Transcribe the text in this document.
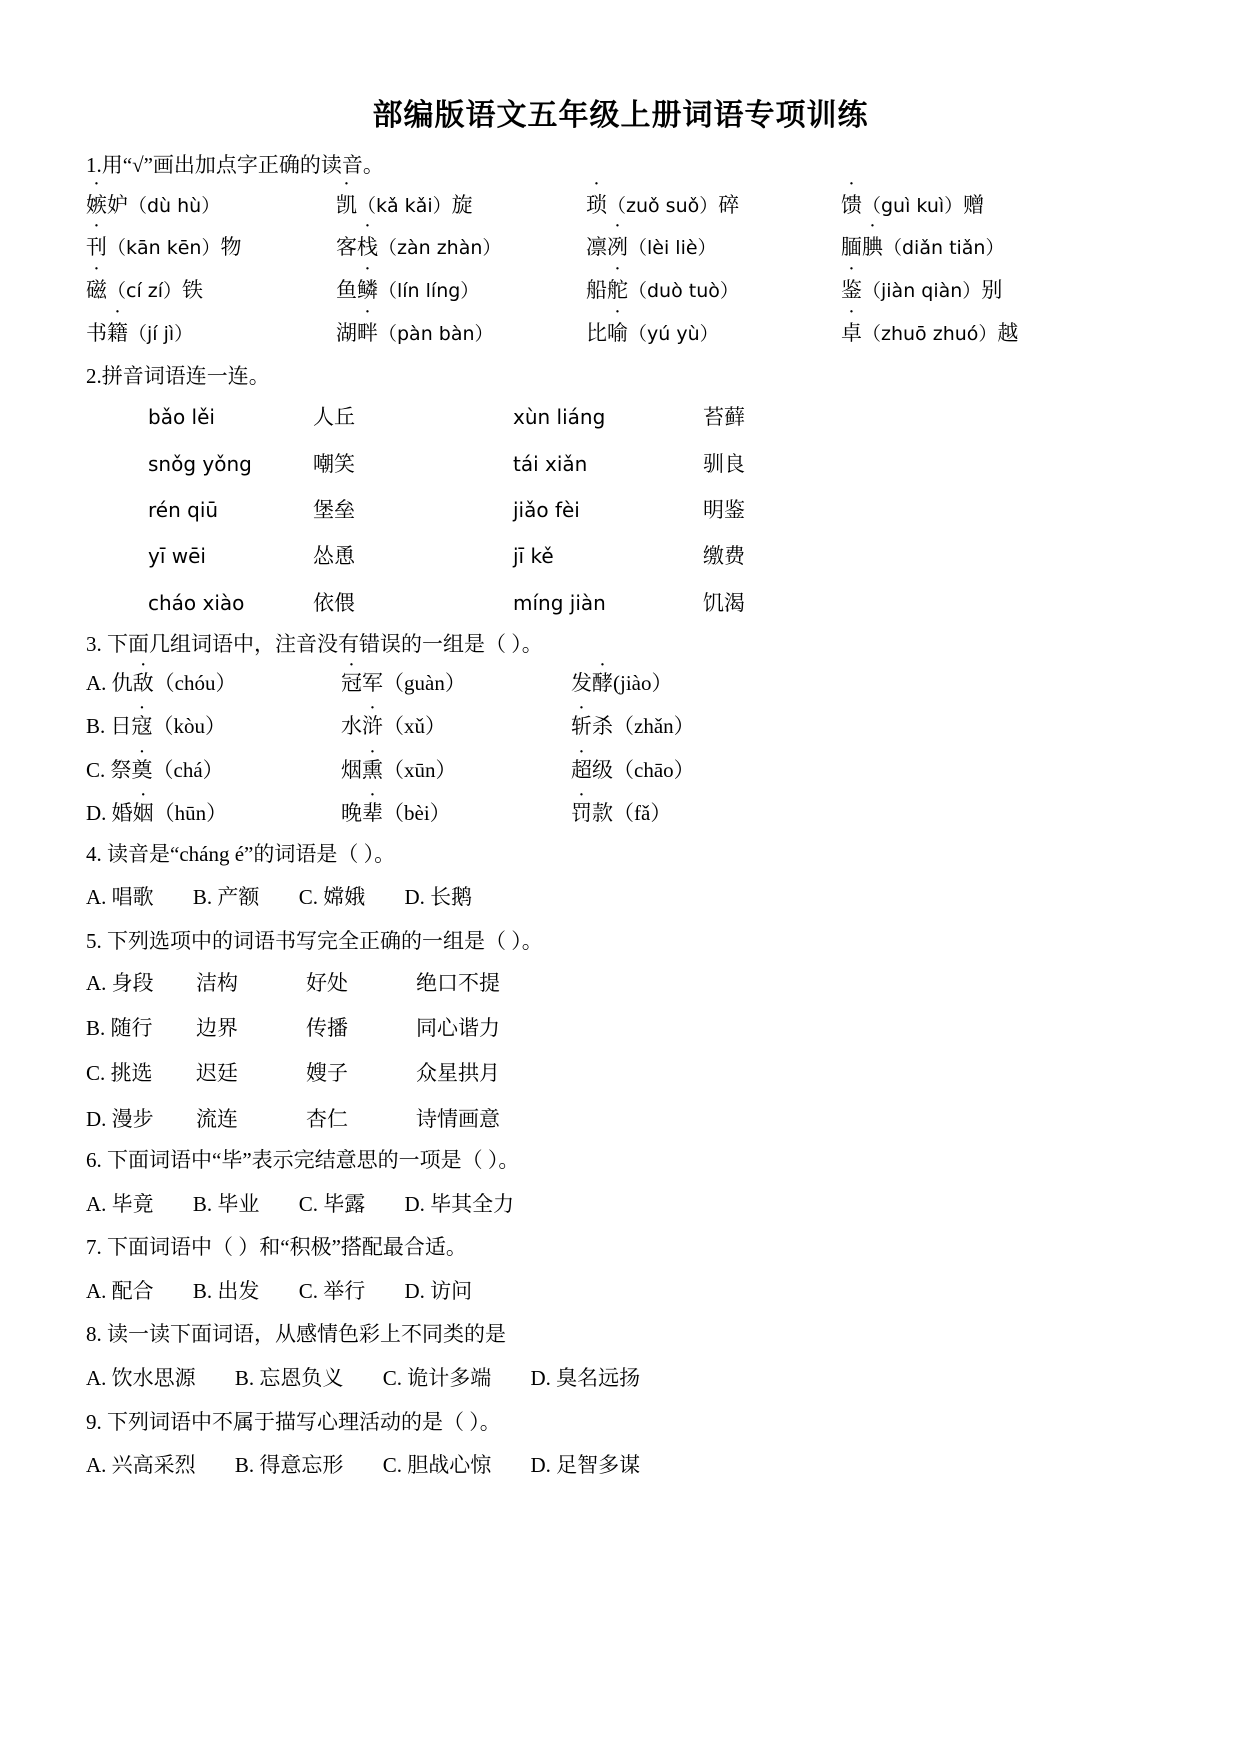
部编版语文五年级上册词语专项训练
1.用“√”画出加点字正确的读音。
嫉妒（dù hù）	凯（kǎ kǎi）旋	琐（zuǒ suǒ）碎	馈（guì kuì）赠
刊（kān kēn）物	客栈（zàn zhàn）	凛冽（lèi liè）	腼腆（diǎn tiǎn）
磁（cí zí）铁	鱼鳞（lín líng）	船舵（duò tuò）	鉴（jiàn qiàn）别
书籍（jí jì）	湖畔（pàn bàn）	比喻（yú yù）	卓（zhuō zhuó）越
2.拼音词语连一连。
bǎo lěi	人丘	xùn liáng	苔藓
snǒg yǒng	嘲笑	tái xiǎn	驯良
rén qiū	堡垒	jiǎo fèi	明鉴
yī wēi	怂恿	jī kě	缴费
cháo xiào	依偎	míng jiàn	饥渴
3. 下面几组词语中，注音没有错误的一组是（ ）。
A. 仇敌（chóu）	冠军（guàn）	发酵(jiào）
B. 日寇（kòu）	水浒（xǔ）	斩杀（zhǎn）
C. 祭奠（chá）	烟熏（xūn）	超级（chāo）
D. 婚姻（hūn）	晚辈（bèi）	罚款（fǎ）
4. 读音是“cháng é”的词语是（ ）。
A. 唱歌 B. 产额 C. 嫦娥 D. 长鹅
5. 下列选项中的词语书写完全正确的一组是（ ）。
A. 身段	洁构	好处	绝口不提
B. 随行	边界	传播	同心谐力
C. 挑选	迟廷	嫂子	众星拱月
D. 漫步	流连	杏仁	诗情画意
6. 下面词语中“毕”表示完结意思的一项是（ ）。
A. 毕竟 B. 毕业 C. 毕露 D. 毕其全力
7. 下面词语中（ ）和“积极”搭配最合适。
A. 配合 B. 出发 C. 举行 D. 访问
8. 读一读下面词语，从感情色彩上不同类的是
A. 饮水思源 B. 忘恩负义 C. 诡计多端 D. 臭名远扬
9. 下列词语中不属于描写心理活动的是（ ）。
A. 兴高采烈 B. 得意忘形 C. 胆战心惊 D. 足智多谋
